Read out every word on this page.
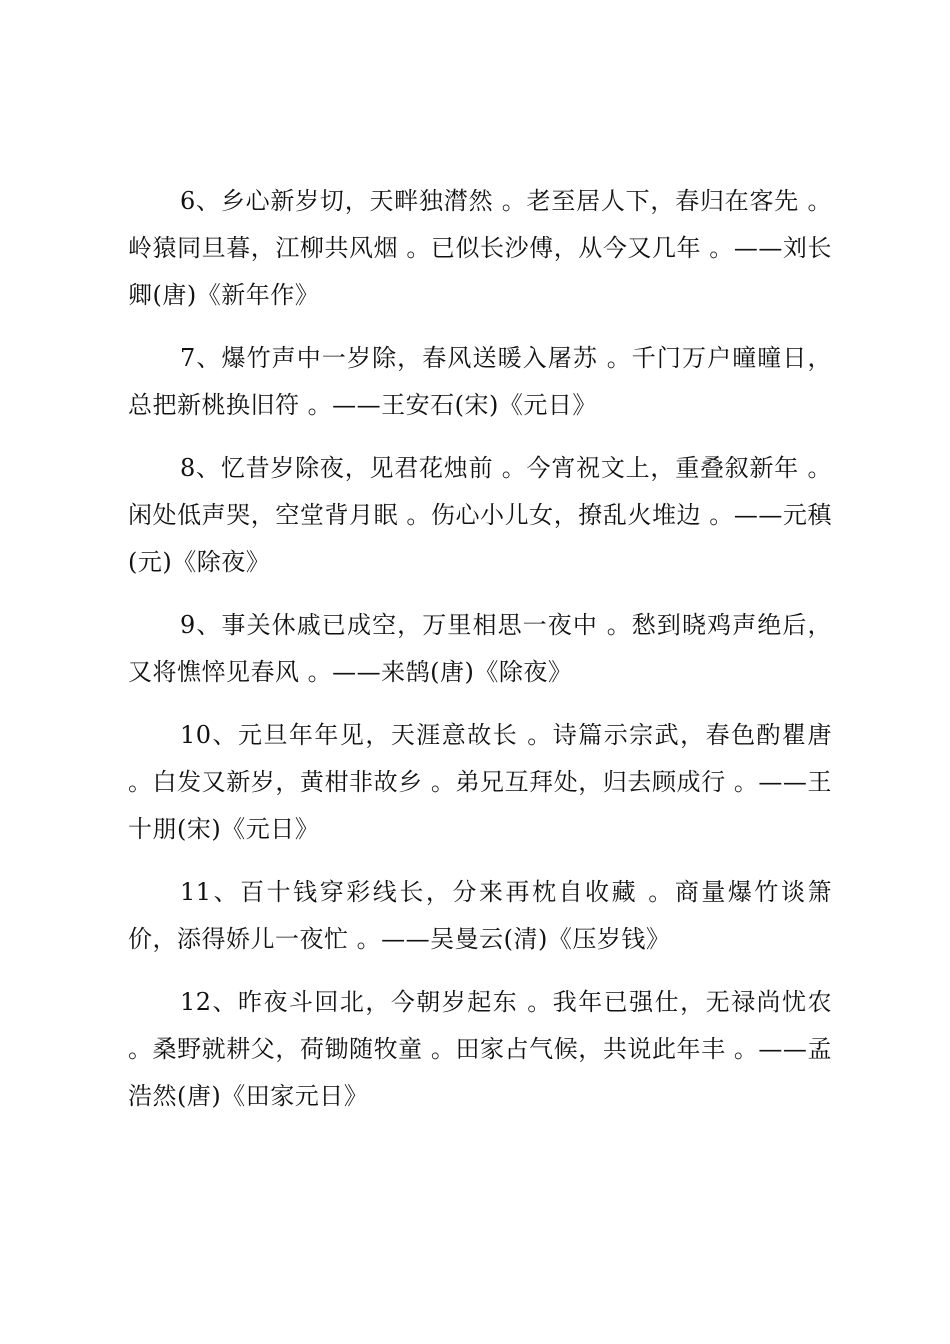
6、乡心新岁切，天畔独潸然 。老至居人下，春归在客先 。岭猿同旦暮，江柳共风烟 。已似长沙傅，从今又几年 。——刘长卿(唐)《新年作》

7、爆竹声中一岁除，春风送暖入屠苏 。千门万户曈曈日，总把新桃换旧符 。——王安石(宋)《元日》

8、忆昔岁除夜，见君花烛前 。今宵祝文上，重叠叙新年 。闲处低声哭，空堂背月眠 。伤心小儿女，撩乱火堆边 。——元稹(元)《除夜》

9、事关休戚已成空，万里相思一夜中 。愁到晓鸡声绝后，又将憔悴见春风 。——来鹄(唐)《除夜》

10、元旦年年见，天涯意故长 。诗篇示宗武，春色酌瞿唐 。白发又新岁，黄柑非故乡 。弟兄互拜处，归去顾成行 。——王十朋(宋)《元日》

11、百十钱穿彩线长，分来再枕自收藏 。商量爆竹谈箫价，添得娇儿一夜忙 。——吴曼云(清)《压岁钱》

12、昨夜斗回北，今朝岁起东 。我年已强仕，无禄尚忧农 。桑野就耕父，荷锄随牧童 。田家占气候，共说此年丰 。——孟浩然(唐)《田家元日》
